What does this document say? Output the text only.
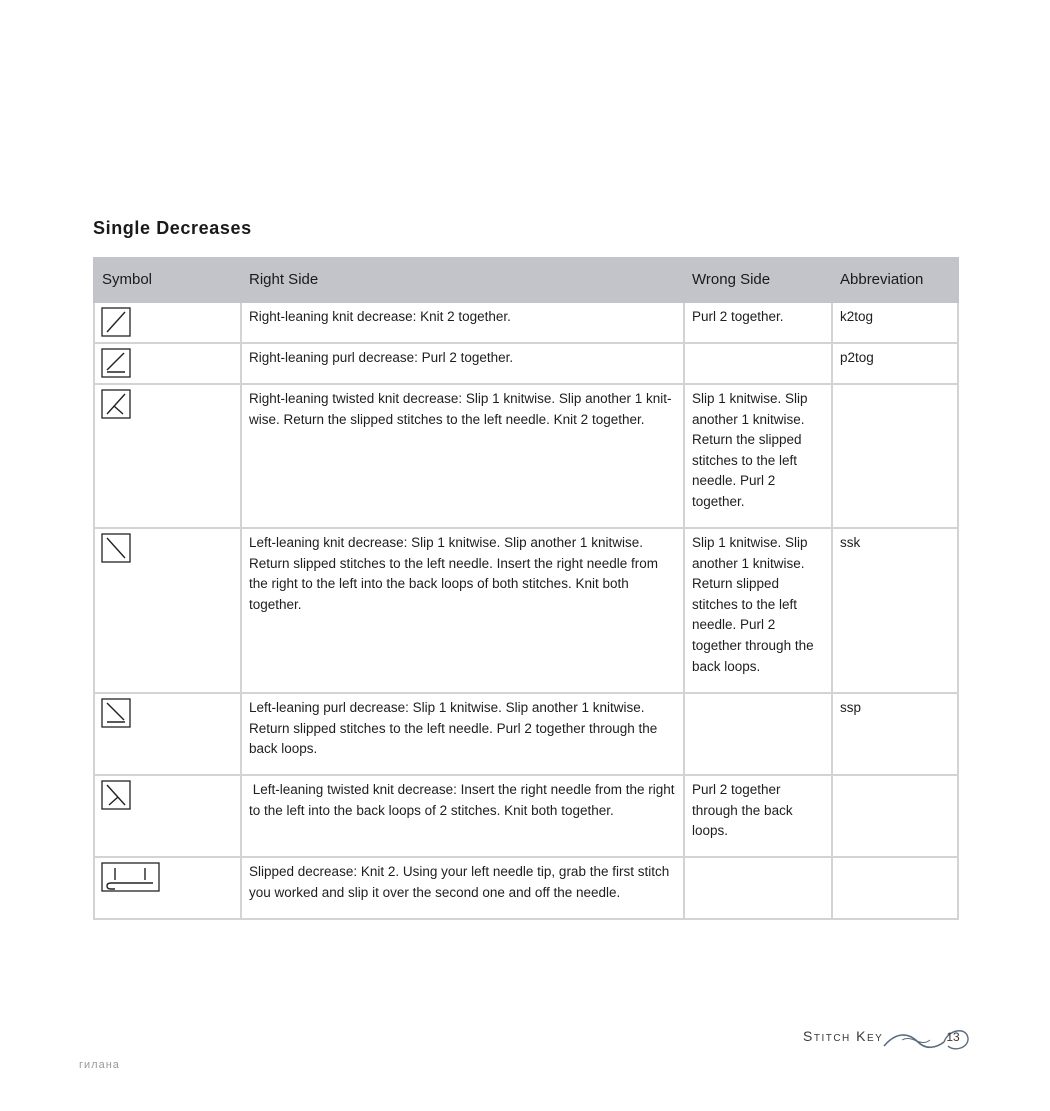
Single Decreases
Symbol	Right Side	Wrong Side	Abbreviation

	Right-leaning knit decrease: Knit 2 together.	Purl 2 together.	k2tog

	Right-leaning purl decrease: Purl 2 together.		p2tog

	Right-leaning twisted knit decrease: Slip 1 knitwise. Slip another 1 knit-wise. Return the slipped stitches to the left needle. Knit 2 together.	Slip 1 knitwise. Slip another 1 knitwise. Return the slipped stitches to the left needle. Purl 2 together.	

	Left-leaning knit decrease: Slip 1 knitwise. Slip another 1 knitwise. Return slipped stitches to the left needle. Insert the right needle from the right to the left into the back loops of both stitches. Knit both together.	Slip 1 knitwise. Slip another 1 knitwise. Return slipped stitches to the left needle. Purl 2 together through the back loops.	ssk

	Left-leaning purl decrease: Slip 1 knitwise. Slip another 1 knitwise. Return slipped stitches to the left needle. Purl 2 together through the back loops.		ssp

	Left-leaning twisted knit decrease: Insert the right needle from the right to the left into the back loops of 2 stitches. Knit both together.	Purl 2 together through the back loops.	

	Slipped decrease: Knit 2. Using your left needle tip, grab the first stitch you worked and slip it over the second one and off the needle.		
Stitch Key	13
гилана
